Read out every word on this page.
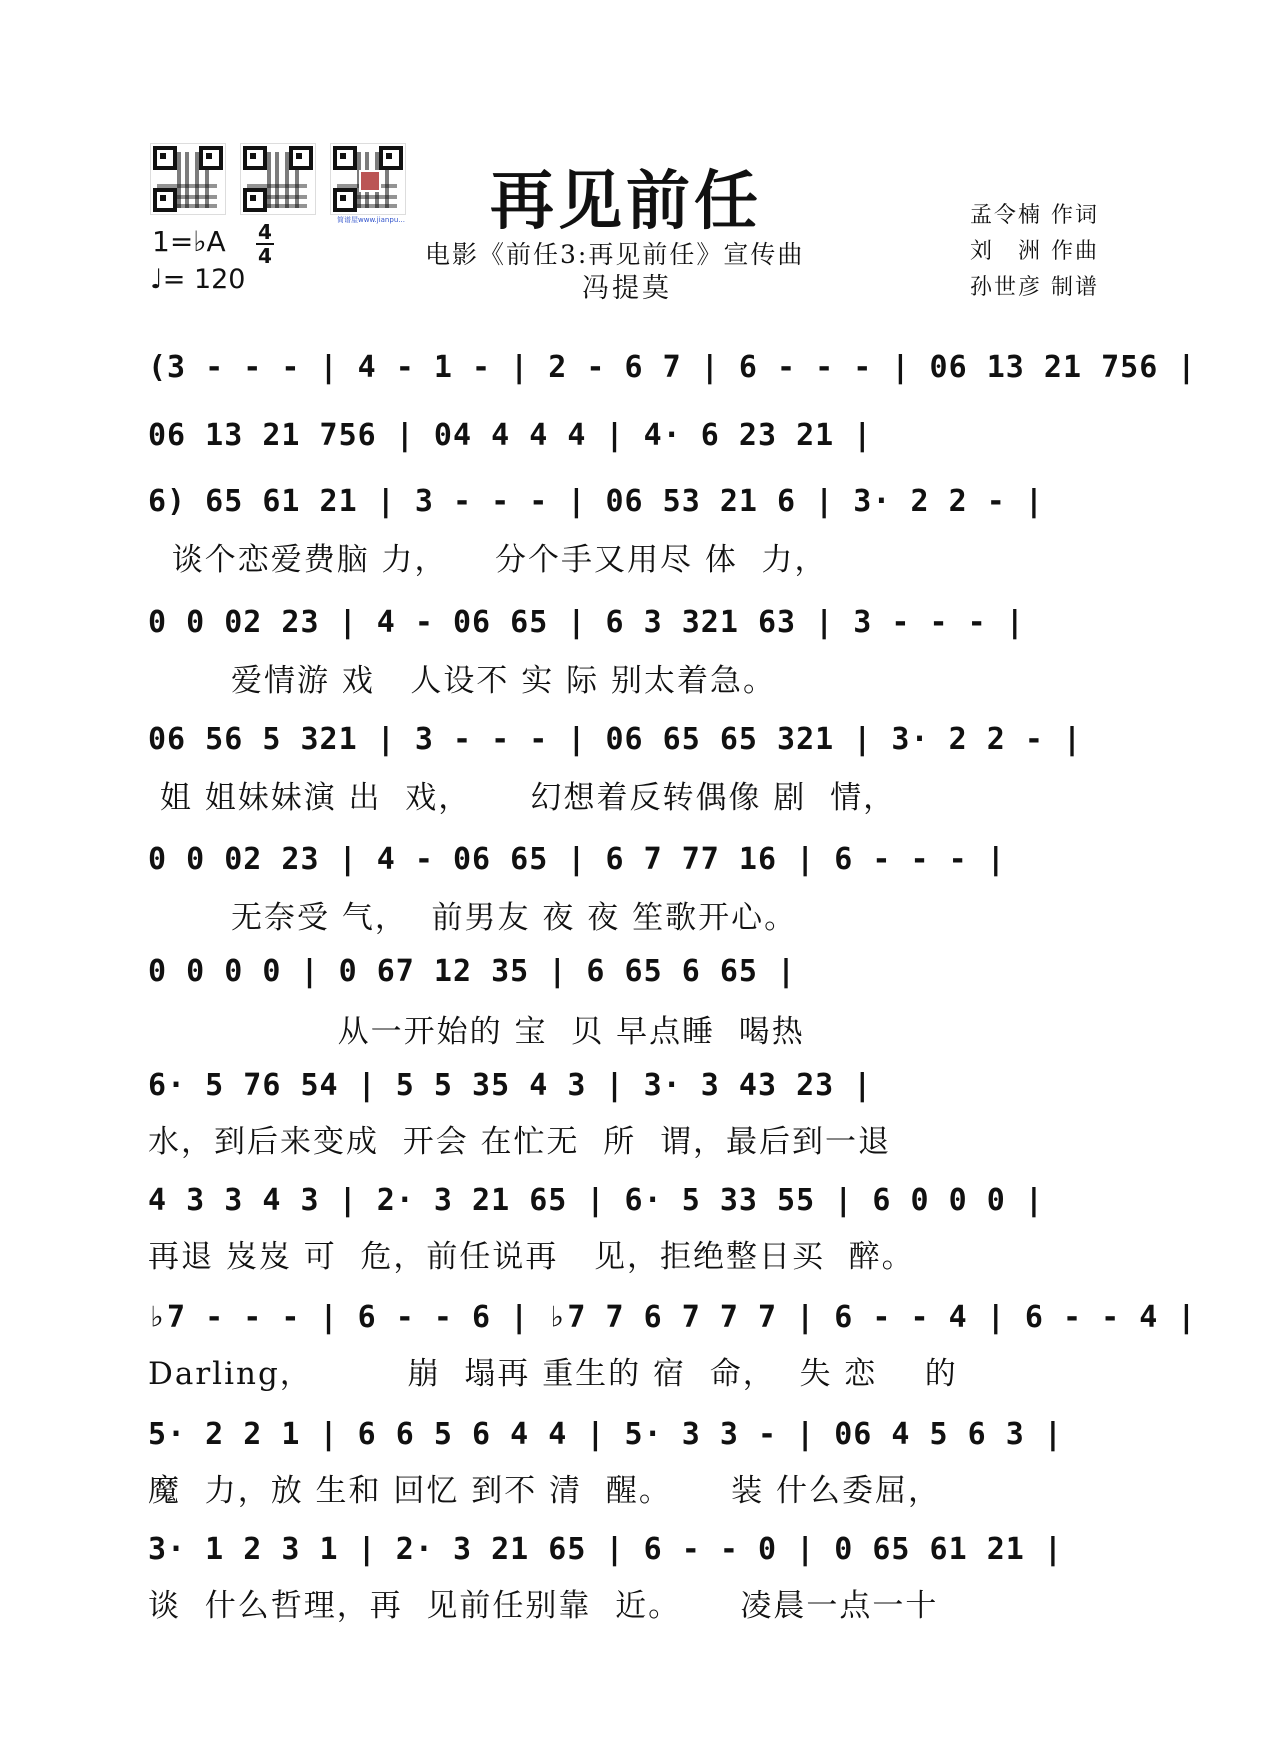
简谱屋www.jianpu... 再见前任
电影《前任3:再见前任》宣传曲
冯提莫
孟令楠 作词
刘　洲 作曲
孙世彦 制谱
1=♭A 4
4
♩= 120
(3 - - - | 4 - 1 - | 2 - 6 7 | 6 - - - | 06 13 21 756 |
06 13 21 756 | 04 4 4 4 | 4· 6 23 21 |
6) 65 61 21 | 3 - - - | 06 53 21 6 | 3· 2 2 - |
谈个恋爱费脑 力，    分个手又用尽 体  力，
0 0 02 23 | 4 - 06 65 | 6 3 321 63 | 3 - - - |
爱情游 戏   人设不 实 际 别太着急。
06 56 5 321 | 3 - - - | 06 65 65 321 | 3· 2 2 - |
姐 姐妹妹演 出  戏，     幻想着反转偶像 剧  情，
0 0 02 23 | 4 - 06 65 | 6 7 77 16 | 6 - - - |
无奈受 气，  前男友 夜 夜 笙歌开心。
0 0 0 0 | 0 67 12 35 | 6 65 6 65 |
从一开始的 宝  贝 早点睡  喝热
6· 5 76 54 | 5 5 35 4 3 | 3· 3 43 23 |
水，到后来变成  开会 在忙无  所  谓，最后到一退
4 3 3 4 3 | 2· 3 21 65 | 6· 5 33 55 | 6 0 0 0 |
再退 岌岌 可  危，前任说再   见，拒绝整日买  醉。
♭7 - - - | 6 - - 6 | ♭7 7 6 7 7 7 | 6 - - 4 | 6 - - 4 |
Darling，        崩  塌再 重生的 宿  命，  失 恋    的
5· 2 2 1 | 6 6 5 6 4 4 | 5· 3 3 - | 06 4 5 6 3 |
魔  力，放 生和 回忆 到不 清  醒。     装 什么委屈，
3· 1 2 3 1 | 2· 3 21 65 | 6 - - 0 | 0 65 61 21 |
谈  什么哲理，再  见前任别靠  近。     凌晨一点一十
